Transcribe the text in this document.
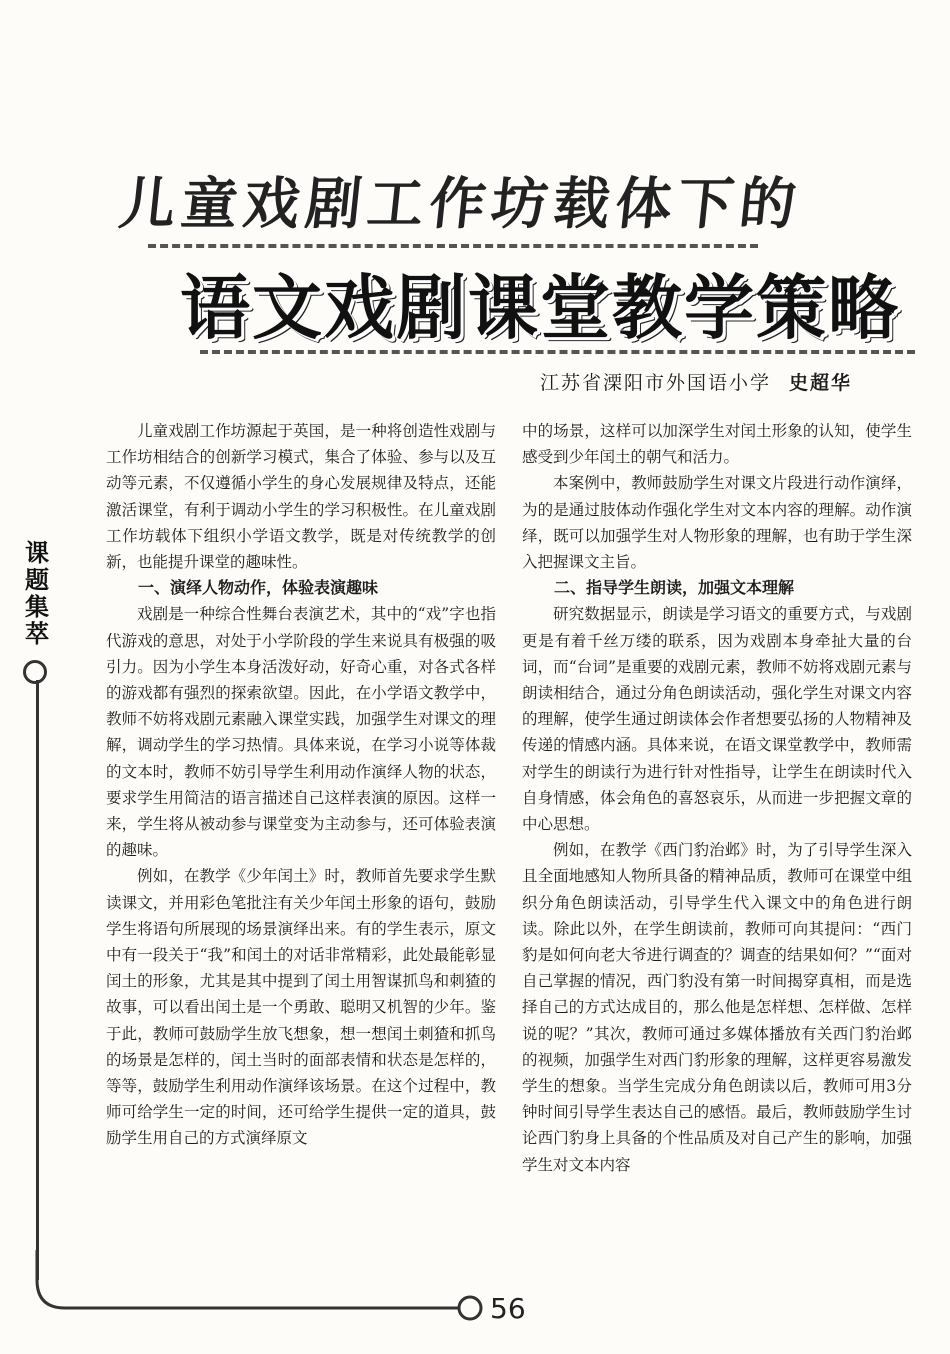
儿童戏剧工作坊载体下的
语文戏剧课堂教学策略
江苏省溧阳市外国语小学 史超华
课题集萃

儿童戏剧工作坊源起于英国，是一种将创造性戏剧与工作坊相结合的创新学习模式，集合了体验、参与以及互动等元素，不仅遵循小学生的身心发展规律及特点，还能激活课堂，有利于调动小学生的学习积极性。在儿童戏剧工作坊载体下组织小学语文教学，既是对传统教学的创新，也能提升课堂的趣味性。

一、演绎人物动作，体验表演趣味

戏剧是一种综合性舞台表演艺术，其中的“戏”字也指代游戏的意思，对处于小学阶段的学生来说具有极强的吸引力。因为小学生本身活泼好动，好奇心重，对各式各样的游戏都有强烈的探索欲望。因此，在小学语文教学中，教师不妨将戏剧元素融入课堂实践，加强学生对课文的理解，调动学生的学习热情。具体来说，在学习小说等体裁的文本时，教师不妨引导学生利用动作演绎人物的状态，要求学生用简洁的语言描述自己这样表演的原因。这样一来，学生将从被动参与课堂变为主动参与，还可体验表演的趣味。

例如，在教学《少年闰土》时，教师首先要求学生默读课文，并用彩色笔批注有关少年闰土形象的语句，鼓励学生将语句所展现的场景演绎出来。有的学生表示，原文中有一段关于“我”和闰土的对话非常精彩，此处最能彰显闰土的形象，尤其是其中提到了闰土用智谋抓鸟和刺猹的故事，可以看出闰土是一个勇敢、聪明又机智的少年。鉴于此，教师可鼓励学生放飞想象，想一想闰土刺猹和抓鸟的场景是怎样的，闰土当时的面部表情和状态是怎样的，等等，鼓励学生利用动作演绎该场景。在这个过程中，教师可给学生一定的时间，还可给学生提供一定的道具，鼓励学生用自己的方式演绎原文

中的场景，这样可以加深学生对闰土形象的认知，使学生感受到少年闰土的朝气和活力。

本案例中，教师鼓励学生对课文片段进行动作演绎，为的是通过肢体动作强化学生对文本内容的理解。动作演绎，既可以加强学生对人物形象的理解，也有助于学生深入把握课文主旨。

二、指导学生朗读，加强文本理解

研究数据显示，朗读是学习语文的重要方式，与戏剧更是有着千丝万缕的联系，因为戏剧本身牵扯大量的台词，而“台词”是重要的戏剧元素，教师不妨将戏剧元素与朗读相结合，通过分角色朗读活动，强化学生对课文内容的理解，使学生通过朗读体会作者想要弘扬的人物精神及传递的情感内涵。具体来说，在语文课堂教学中，教师需对学生的朗读行为进行针对性指导，让学生在朗读时代入自身情感，体会角色的喜怒哀乐，从而进一步把握文章的中心思想。

例如，在教学《西门豹治邺》时，为了引导学生深入且全面地感知人物所具备的精神品质，教师可在课堂中组织分角色朗读活动，引导学生代入课文中的角色进行朗读。除此以外，在学生朗读前，教师可向其提问：“西门豹是如何向老大爷进行调查的？调查的结果如何？”“面对自己掌握的情况，西门豹没有第一时间揭穿真相，而是选择自己的方式达成目的，那么他是怎样想、怎样做、怎样说的呢？”其次，教师可通过多媒体播放有关西门豹治邺的视频，加强学生对西门豹形象的理解，这样更容易激发学生的想象。当学生完成分角色朗读以后，教师可用3分钟时间引导学生表达自己的感悟。最后，教师鼓励学生讨论西门豹身上具备的个性品质及对自己产生的影响，加强学生对文本内容

56
